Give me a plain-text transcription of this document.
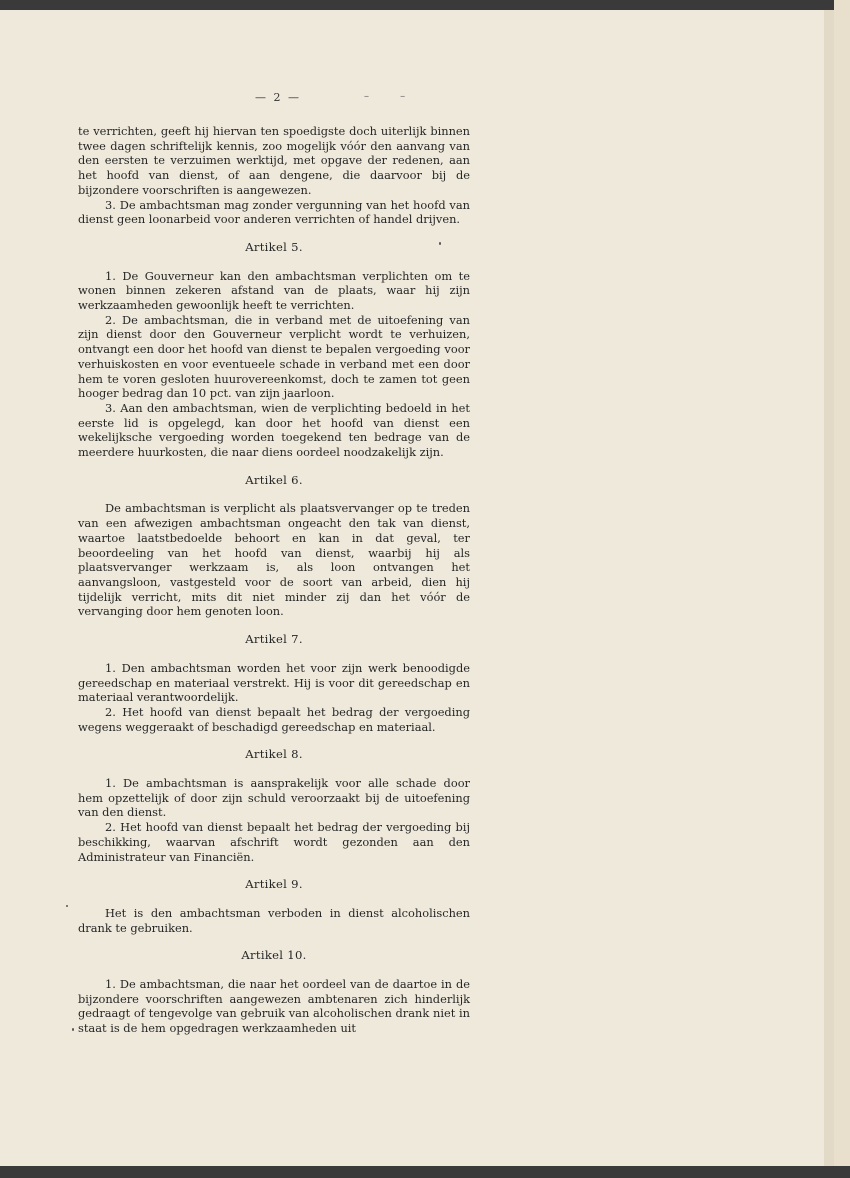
— 2 —	– –

te verrichten, geeft hij hiervan ten spoedigste doch uiterlijk binnen twee dagen schriftelijk kennis, zoo mogelijk vóór den aanvang van den eersten te verzuimen werktijd, met opgave der redenen, aan het hoofd van dienst, of aan dengene, die daarvoor bij de bijzondere voorschriften is aangewezen.

3. De ambachtsman mag zonder vergunning van het hoofd van dienst geen loonarbeid voor anderen verrichten of handel drijven.

Artikel 5.

1. De Gouverneur kan den ambachtsman verplichten om te wonen binnen zekeren afstand van de plaats, waar hij zijn werkzaamheden gewoonlijk heeft te verrichten.

2. De ambachtsman, die in verband met de uitoefening van zijn dienst door den Gouverneur verplicht wordt te verhuizen, ontvangt een door het hoofd van dienst te bepalen vergoeding voor verhuiskosten en voor eventueele schade in verband met een door hem te voren gesloten huurovereenkomst, doch te zamen tot geen hooger bedrag dan 10 pct. van zijn jaarloon.

3. Aan den ambachtsman, wien de verplichting bedoeld in het eerste lid is opgelegd, kan door het hoofd van dienst een wekelijksche vergoeding worden toegekend ten bedrage van de meerdere huurkosten, die naar diens oordeel noodzakelijk zijn.

Artikel 6.

De ambachtsman is verplicht als plaatsvervanger op te treden van een afwezigen ambachtsman ongeacht den tak van dienst, waartoe laatstbedoelde behoort en kan in dat geval, ter beoordeeling van het hoofd van dienst, waarbij hij als plaatsvervanger werkzaam is, als loon ontvangen het aanvangsloon, vastgesteld voor de soort van arbeid, dien hij tijdelijk verricht, mits dit niet minder zij dan het vóór de vervanging door hem genoten loon.

Artikel 7.

1. Den ambachtsman worden het voor zijn werk benoodigde gereedschap en materiaal verstrekt. Hij is voor dit gereedschap en materiaal verantwoordelijk.

2. Het hoofd van dienst bepaalt het bedrag der vergoeding wegens weggeraakt of beschadigd gereedschap en materiaal.

Artikel 8.

1. De ambachtsman is aansprakelijk voor alle schade door hem opzettelijk of door zijn schuld veroorzaakt bij de uitoefening van den dienst.

2. Het hoofd van dienst bepaalt het bedrag der vergoeding bij beschikking, waarvan afschrift wordt gezonden aan den Administrateur van Financiën.

Artikel 9.

Het is den ambachtsman verboden in dienst alcoholischen drank te gebruiken.

Artikel 10.

1. De ambachtsman, die naar het oordeel van de daartoe in de bijzondere voorschriften aangewezen ambtenaren zich hinderlijk gedraagt of tengevolge van gebruik van alcoholischen drank niet in staat is de hem opgedragen werkzaamheden uit
